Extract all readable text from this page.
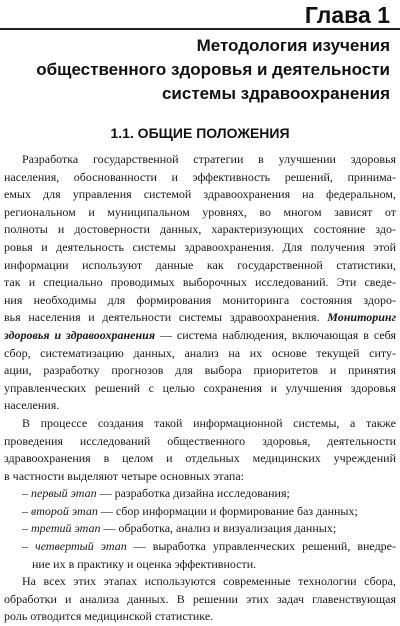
Глава 1
Методология изучения
общественного здоровья и деятельности
системы здравоохранения
1.1. ОБЩИЕ ПОЛОЖЕНИЯ
Разработка государственной стратегии в улучшении здоровья
населения, обоснованности и эффективность решений, принима-
емых для управления системой здравоохранения на федеральном,
региональном и муниципальном уровнях, во многом зависят от
полноты и достоверности данных, характеризующих состояние здо-
ровья и деятельность системы здравоохранения. Для получения этой
информации используют данные как государственной статистики,
так и специально проводимых выборочных исследований. Эти сведе-
ния необходимы для формирования мониторинга состояния здоро-
вья населения и деятельности системы здравоохранения. Мониторинг
здоровья и здравоохранения — система наблюдения, включающая в себя
сбор, систематизацию данных, анализ на их основе текущей ситу-
ации, разработку прогнозов для выбора приоритетов и принятия
управленческих решений с целью сохранения и улучшения здоровья
населения.
В процессе создания такой информационной системы, а также
проведения исследований общественного здоровья, деятельности
здравоохранения в целом и отдельных медицинских учреждений
в частности выделяют четыре основных этапа:
– первый этап — разработка дизайна исследования;
– второй этап — сбор информации и формирование баз данных;
– третий этап — обработка, анализ и визуализация данных;
– четвертый этап — выработка управленческих решений, внедре-
ние их в практику и оценка эффективности.
На всех этих этапах используются современные технологии сбора,
обработки и анализа данных. В решении этих задач главенствующая
роль отводится медицинской статистике.
